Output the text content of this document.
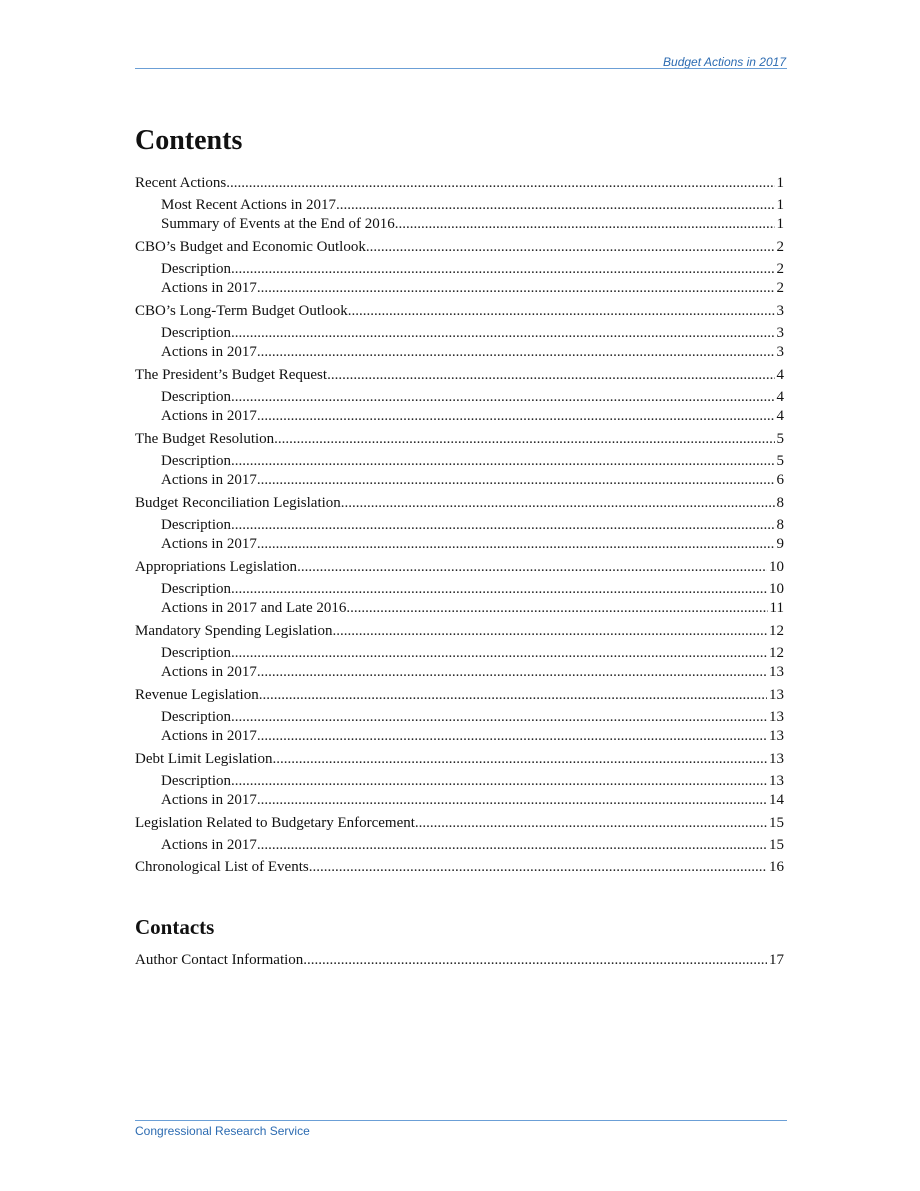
Budget Actions in 2017
Contents
Recent Actions .....	1
Most Recent Actions in 2017 .....	1
Summary of Events at the End of 2016 .....	1
CBO’s Budget and Economic Outlook .....	2
Description .....	2
Actions in 2017 .....	2
CBO’s Long-Term Budget Outlook .....	3
Description .....	3
Actions in 2017 .....	3
The President’s Budget Request .....	4
Description .....	4
Actions in 2017 .....	4
The Budget Resolution .....	5
Description .....	5
Actions in 2017 .....	6
Budget Reconciliation Legislation .....	8
Description .....	8
Actions in 2017 .....	9
Appropriations Legislation .....	10
Description .....	10
Actions in 2017 and Late 2016 .....	11
Mandatory Spending Legislation .....	12
Description .....	12
Actions in 2017 .....	13
Revenue Legislation .....	13
Description .....	13
Actions in 2017 .....	13
Debt Limit Legislation .....	13
Description .....	13
Actions in 2017 .....	14
Legislation Related to Budgetary Enforcement .....	15
Actions in 2017 .....	15
Chronological List of Events .....	16
Contacts
Author Contact Information .....	17
Congressional Research Service
